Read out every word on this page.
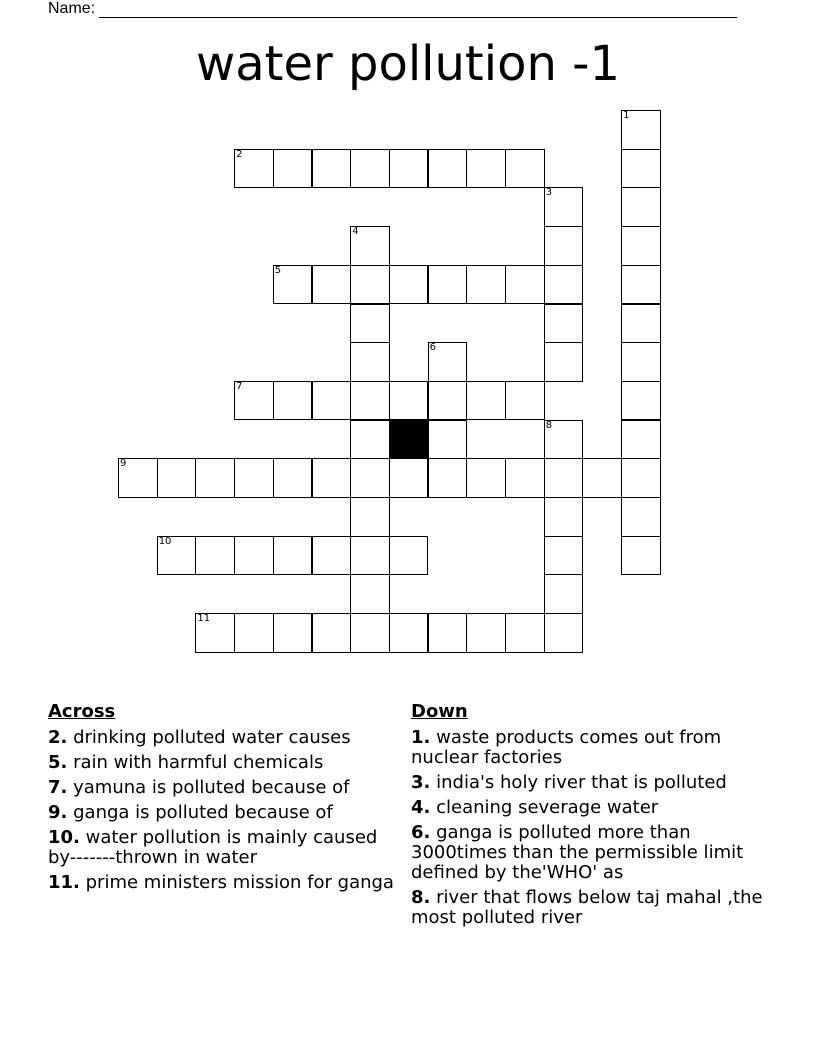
Name:
water pollution -1
1
2
3
4
5
6
7
8
9
10
11
Across
2. drinking polluted water causes
5. rain with harmful chemicals
7. yamuna is polluted because of
9. ganga is polluted because of
10. water pollution is mainly caused by-------thrown in water
11. prime ministers mission for ganga
Down
1. waste products comes out from nuclear factories
3. india's holy river that is polluted
4. cleaning severage water
6. ganga is polluted more than 3000times than the permissible limit defined by the'WHO' as
8. river that flows below taj mahal ,the most polluted river
